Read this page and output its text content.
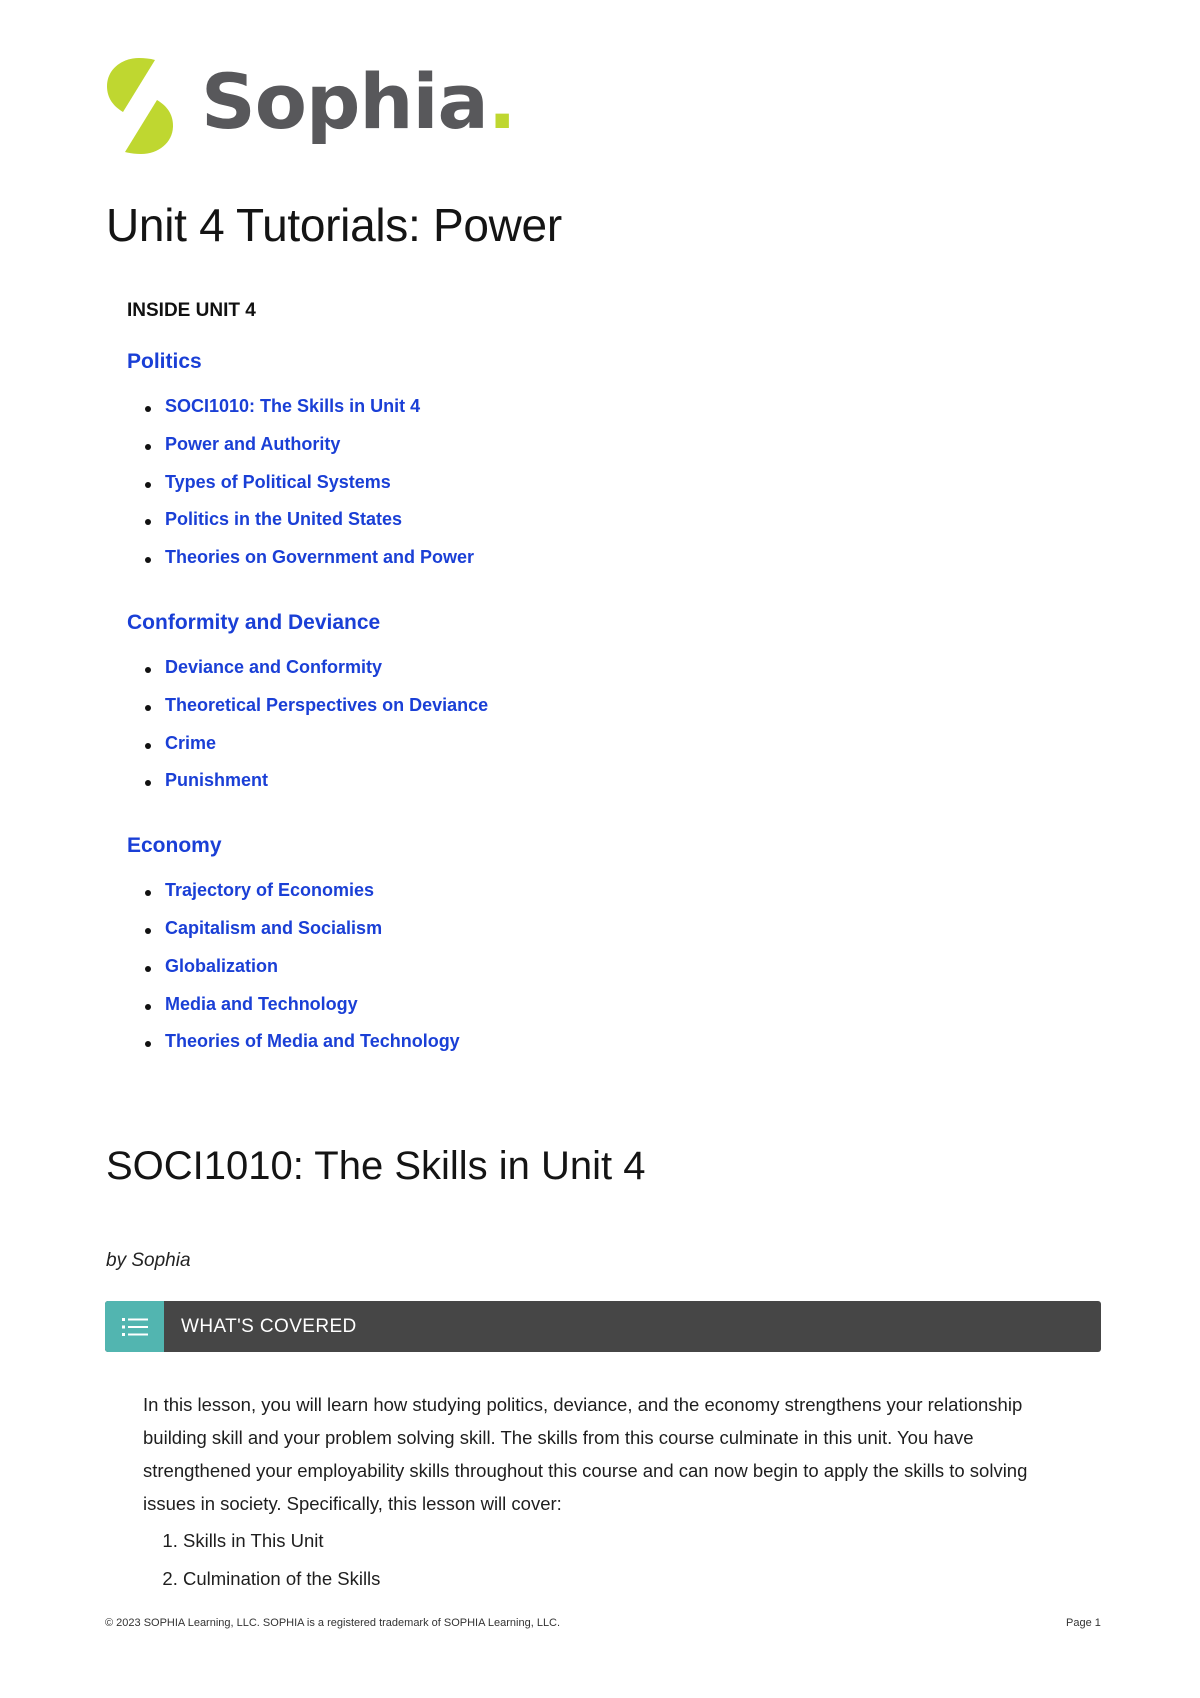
Sophia.
Unit 4 Tutorials: Power
INSIDE UNIT 4
Politics
SOCI1010: The Skills in Unit 4
Power and Authority
Types of Political Systems
Politics in the United States
Theories on Government and Power
Conformity and Deviance
Deviance and Conformity
Theoretical Perspectives on Deviance
Crime
Punishment
Economy
Trajectory of Economies
Capitalism and Socialism
Globalization
Media and Technology
Theories of Media and Technology
SOCI1010: The Skills in Unit 4
by Sophia
WHAT'S COVERED

In this lesson, you will learn how studying politics, deviance, and the economy strengthens your relationship building skill and your problem solving skill. The skills from this course culminate in this unit. You have strengthened your employability skills throughout this course and can now begin to apply the skills to solving issues in society. Specifically, this lesson will cover:

1. Skills in This Unit
2. Culmination of the Skills
© 2023 SOPHIA Learning, LLC. SOPHIA is a registered trademark of SOPHIA Learning, LLC.	Page 1
